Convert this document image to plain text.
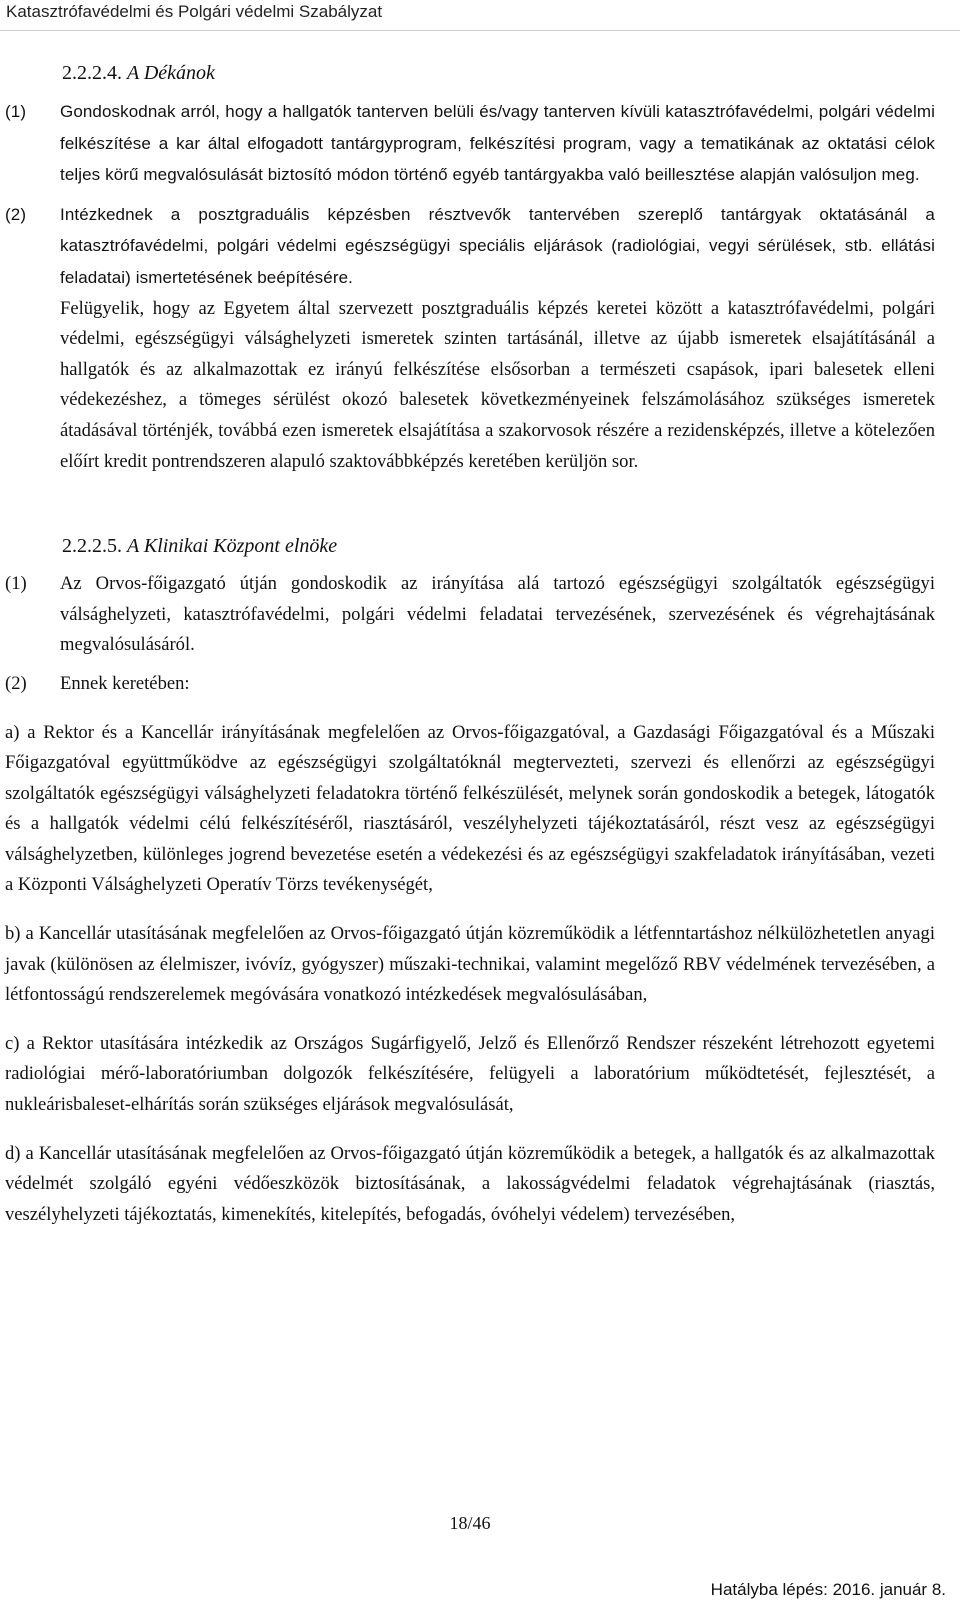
Katasztrófavédelmi és Polgári védelmi Szabályzat
2.2.2.4. A Dékánok

(1) Gondoskodnak arról, hogy a hallgatók tanterven belüli és/vagy tanterven kívüli katasztrófavédelmi, polgári védelmi felkészítése a kar által elfogadott tantárgyprogram, felkészítési program, vagy a tematikának az oktatási célok teljes körű megvalósulását biztosító módon történő egyéb tantárgyakba való beillesztése alapján valósuljon meg.

(2) Intézkednek a posztgraduális képzésben résztvevők tantervében szereplő tantárgyak oktatásánál a katasztrófavédelmi, polgári védelmi egészségügyi speciális eljárások (radiológiai, vegyi sérülések, stb. ellátási feladatai) ismertetésének beépítésére.

Felügyelik, hogy az Egyetem által szervezett posztgraduális képzés keretei között a katasztrófavédelmi, polgári védelmi, egészségügyi válsághelyzeti ismeretek szinten tartásánál, illetve az újabb ismeretek elsajátításánál a hallgatók és az alkalmazottak ez irányú felkészítése elsősorban a természeti csapások, ipari balesetek elleni védekezéshez, a tömeges sérülést okozó balesetek következményeinek felszámolásához szükséges ismeretek átadásával történjék, továbbá ezen ismeretek elsajátítása a szakorvosok részére a rezidensképzés, illetve a kötelezően előírt kredit pontrendszeren alapuló szaktovábbképzés keretében kerüljön sor.

2.2.2.5. A Klinikai Központ elnöke

(1) Az Orvos-főigazgató útján gondoskodik az irányítása alá tartozó egészségügyi szolgáltatók egészségügyi válsághelyzeti, katasztrófavédelmi, polgári védelmi feladatai tervezésének, szervezésének és végrehajtásának megvalósulásáról.

(2) Ennek keretében:

a) a Rektor és a Kancellár irányításának megfelelően az Orvos-főigazgatóval, a Gazdasági Főigazgatóval és a Műszaki Főigazgatóval együttműködve az egészségügyi szolgáltatóknál megtervezteti, szervezi és ellenőrzi az egészségügyi szolgáltatók egészségügyi válsághelyzeti feladatokra történő felkészülését, melynek során gondoskodik a betegek, látogatók és a hallgatók védelmi célú felkészítéséről, riasztásáról, veszélyhelyzeti tájékoztatásáról, részt vesz az egészségügyi válsághelyzetben, különleges jogrend bevezetése esetén a védekezési és az egészségügyi szakfeladatok irányításában, vezeti a Központi Válsághelyzeti Operatív Törzs tevékenységét,

b) a Kancellár utasításának megfelelően az Orvos-főigazgató útján közreműködik a létfenntartáshoz nélkülözhetetlen anyagi javak (különösen az élelmiszer, ivóvíz, gyógyszer) műszaki-technikai, valamint megelőző RBV védelmének tervezésében, a létfontosságú rendszerelemek megóvására vonatkozó intézkedések megvalósulásában,

c) a Rektor utasítására intézkedik az Országos Sugárfigyelő, Jelző és Ellenőrző Rendszer részeként létrehozott egyetemi radiológiai mérő-laboratóriumban dolgozók felkészítésére, felügyeli a laboratórium működtetését, fejlesztését, a nukleárisbaleset-elhárítás során szükséges eljárások megvalósulását,

d) a Kancellár utasításának megfelelően az Orvos-főigazgató útján közreműködik a betegek, a hallgatók és az alkalmazottak védelmét szolgáló egyéni védőeszközök biztosításának, a lakosságvédelmi feladatok végrehajtásának (riasztás, veszélyhelyzeti tájékoztatás, kimenekítés, kitelepítés, befogadás, óvóhelyi védelem) tervezésében,

18/46
Hatályba lépés: 2016. január 8.
